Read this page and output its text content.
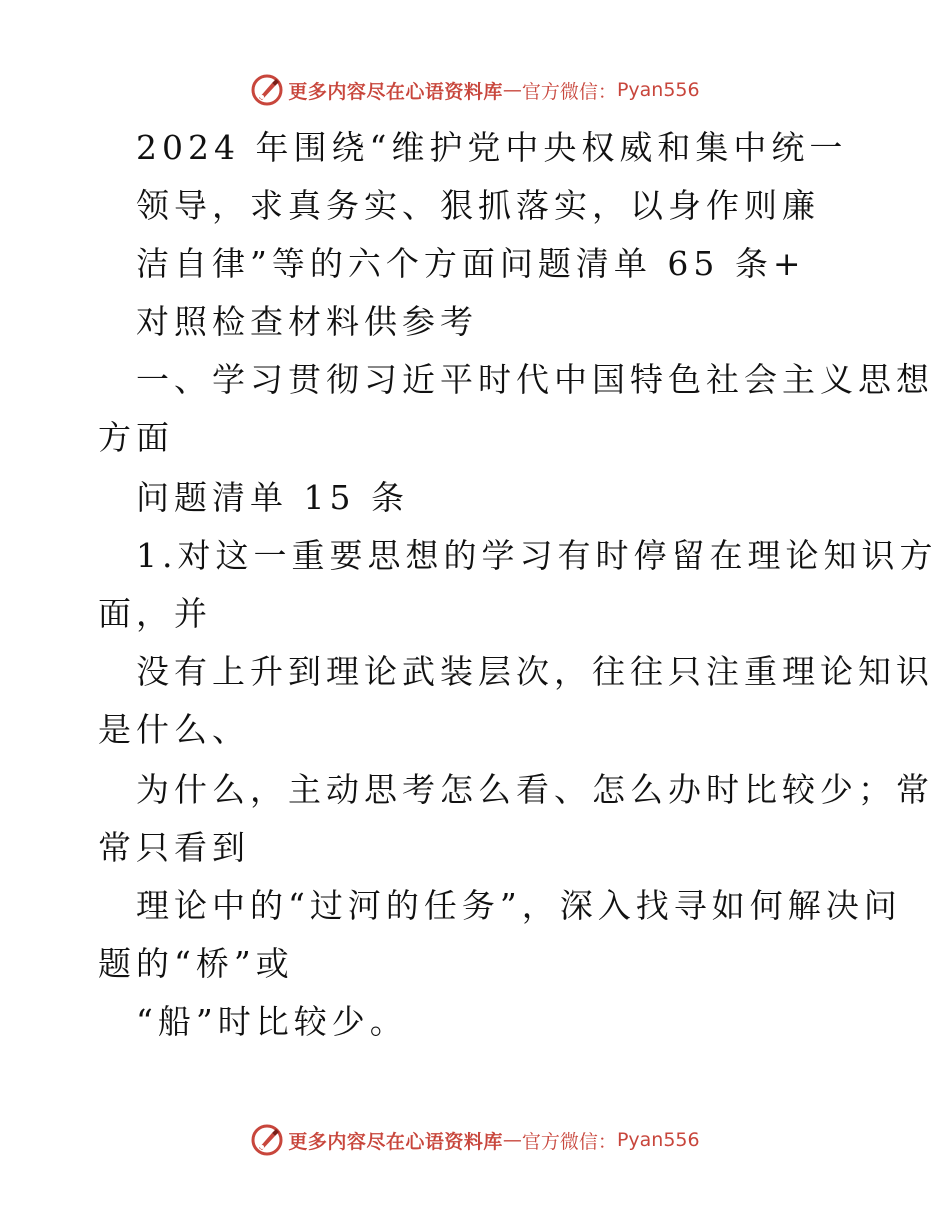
更多内容尽在心语资料库 — 官方微信： Pyan556
2024 年围绕“维护党中央权威和集中统一
领导，求真务实、狠抓落实，以身作则廉
洁自律”等的六个方面问题清单 65 条+
对照检查材料供参考
一、学习贯彻习近平时代中国特色社会主义思想
方面
问题清单 15 条
1.对这一重要思想的学习有时停留在理论知识方
面，并
没有上升到理论武装层次，往往只注重理论知识
是什么、
为什么，主动思考怎么看、怎么办时比较少；常
常只看到
理论中的“过河的任务”，深入找寻如何解决问
题的“桥”或
“船”时比较少。
更多内容尽在心语资料库 — 官方微信： Pyan556
